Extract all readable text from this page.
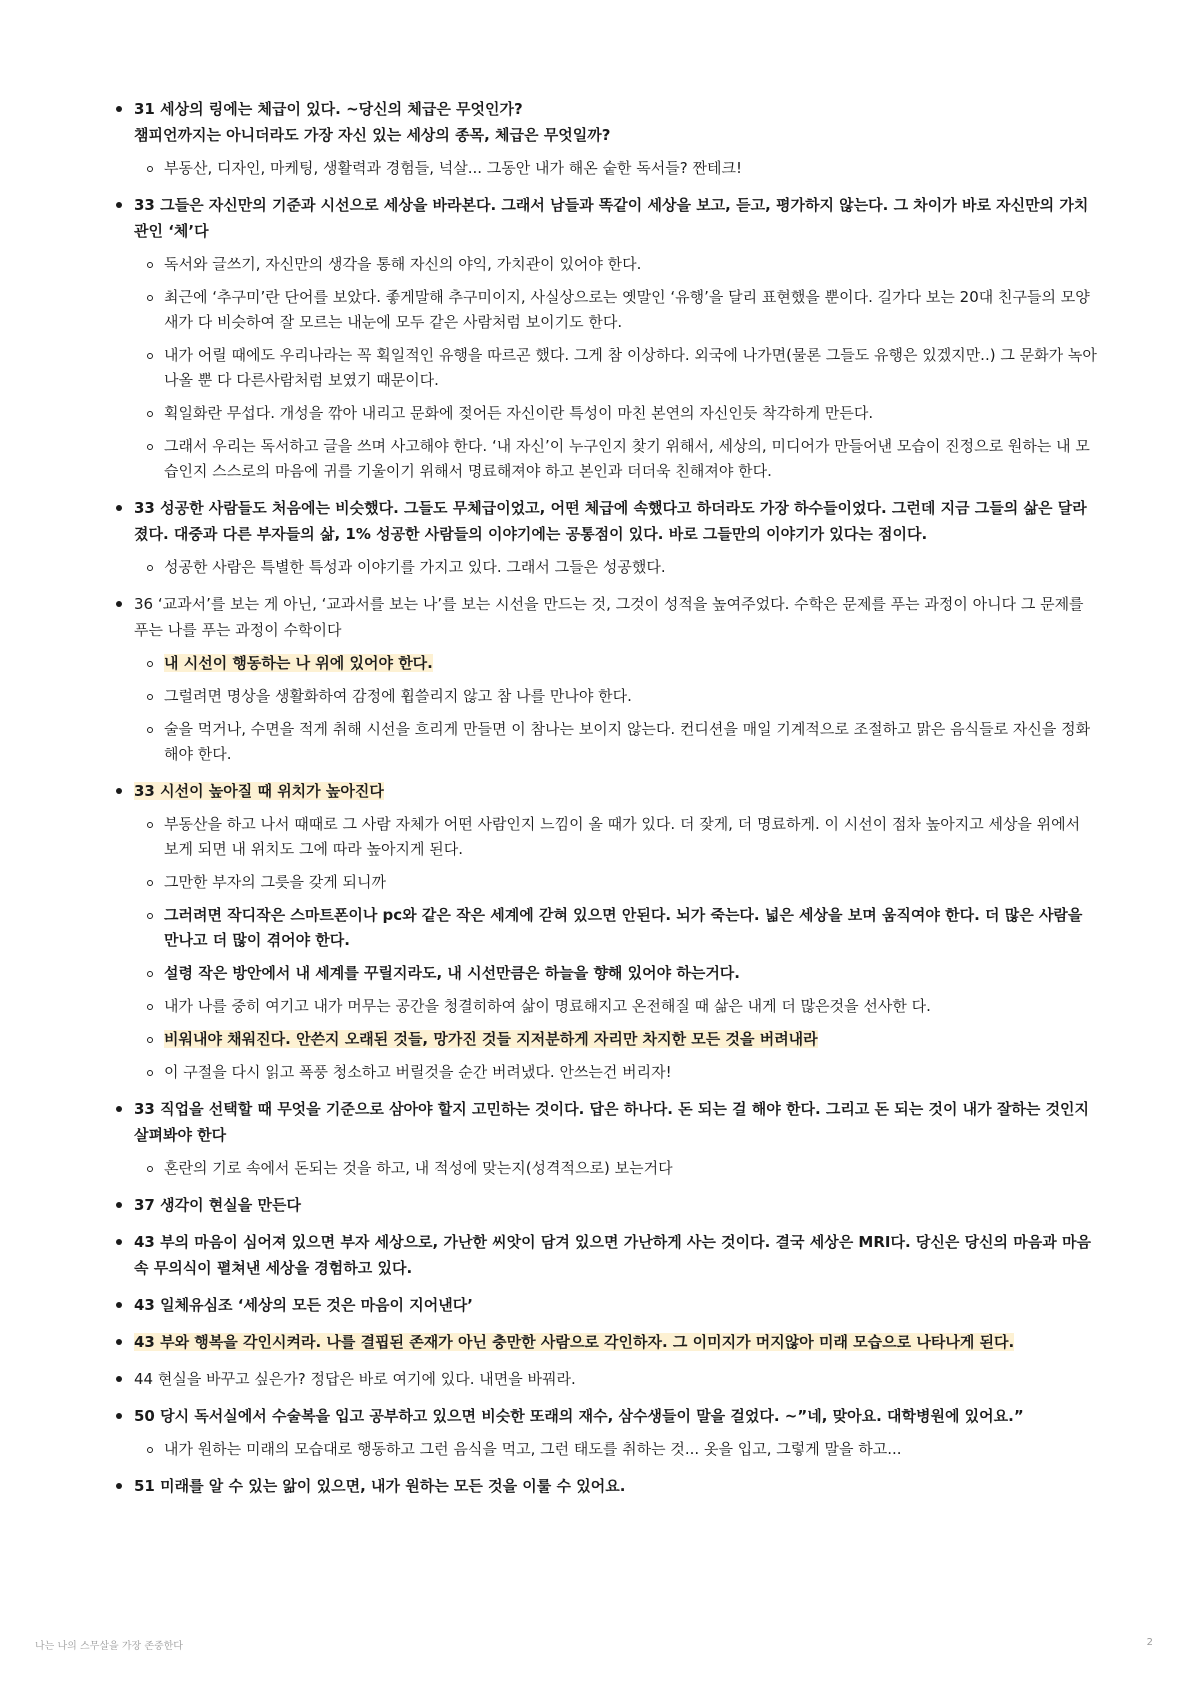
31 세상의 링에는 체급이 있다. ~당신의 체급은 무엇인가?
챔피언까지는 아니더라도 가장 자신 있는 세상의 종목, 체급은 무엇일까?
부동산, 디자인, 마케팅, 생활력과 경험들, 넉살... 그동안 내가 해온 숱한 독서들? 짠테크!
33 그들은 자신만의 기준과 시선으로 세상을 바라본다. 그래서 남들과 똑같이 세상을 보고, 듣고, 평가하지 않는다. 그 차이가 바로 자신만의 가치관인 ‘체’다
독서와 글쓰기, 자신만의 생각을 통해 자신의 야익, 가치관이 있어야 한다.
최근에 ‘추구미’란 단어를 보았다. 좋게말해 추구미이지, 사실상으로는 옛말인 ‘유행’을 달리 표현했을 뿐이다. 길가다 보는 20대 친구들의 모양새가 다 비슷하여 잘 모르는 내눈에 모두 같은 사람처럼 보이기도 한다.
내가 어릴 때에도 우리나라는 꼭 획일적인 유행을 따르곤 했다. 그게 참 이상하다. 외국에 나가면(물론 그들도 유행은 있겠지만..) 그 문화가 녹아나올 뿐 다 다른사람처럼 보였기 때문이다.
획일화란 무섭다. 개성을 깎아 내리고 문화에 젖어든 자신이란 특성이 마친 본연의 자신인듯 착각하게 만든다.
그래서 우리는 독서하고 글을 쓰며 사고해야 한다. ‘내 자신’이 누구인지 찾기 위해서, 세상의, 미디어가 만들어낸 모습이 진정으로 원하는 내 모습인지 스스로의 마음에 귀를 기울이기 위해서 명료해져야 하고 본인과 더더욱 친해져야 한다.
33 성공한 사람들도 처음에는 비슷했다. 그들도 무체급이었고, 어떤 체급에 속했다고 하더라도 가장 하수들이었다. 그런데 지금 그들의 삶은 달라졌다. 대중과 다른 부자들의 삶, 1% 성공한 사람들의 이야기에는 공통점이 있다. 바로 그들만의 이야기가 있다는 점이다.
성공한 사람은 특별한 특성과 이야기를 가지고 있다. 그래서 그들은 성공했다.
36 ‘교과서’를 보는 게 아닌, ‘교과서를 보는 나’를 보는 시선을 만드는 것, 그것이 성적을 높여주었다. 수학은 문제를 푸는 과정이 아니다 그 문제를 푸는 나를 푸는 과정이 수학이다
내 시선이 행동하는 나 위에 있어야 한다.
그럴려면 명상을 생활화하여 감정에 휩쓸리지 않고 참 나를 만나야 한다.
술을 먹거나, 수면을 적게 취해 시선을 흐리게 만들면 이 참나는 보이지 않는다. 컨디션을 매일 기계적으로 조절하고 맑은 음식들로 자신을 정화해야 한다.
33 시선이 높아질 때 위치가 높아진다
부동산을 하고 나서 때때로 그 사람 자체가 어떤 사람인지 느낌이 올 때가 있다. 더 잦게, 더 명료하게. 이 시선이 점차 높아지고 세상을 위에서 보게 되면 내 위치도 그에 따라 높아지게 된다.
그만한 부자의 그릇을 갖게 되니까
그러려면 작디작은 스마트폰이나 pc와 같은 작은 세계에 갇혀 있으면 안된다. 뇌가 죽는다. 넓은 세상을 보며 움직여야 한다. 더 많은 사람을 만나고 더 많이 겪어야 한다.
설령 작은 방안에서 내 세계를 꾸릴지라도, 내 시선만큼은 하늘을 향해 있어야 하는거다.
내가 나를 중히 여기고 내가 머무는 공간을 청결히하여 삶이 명료해지고 온전해질 때 삶은 내게 더 많은것을 선사한 다.
비워내야 채워진다. 안쓴지 오래된 것들, 망가진 것들 지저분하게 자리만 차지한 모든 것을 버려내라
이 구절을 다시 읽고 폭풍 청소하고 버릴것을 순간 버려냈다. 안쓰는건 버리자!
33 직업을 선택할 때 무엇을 기준으로 삼아야 할지 고민하는 것이다. 답은 하나다. 돈 되는 걸 해야 한다. 그리고 돈 되는 것이 내가 잘하는 것인지 살펴봐야 한다
혼란의 기로 속에서 돈되는 것을 하고, 내 적성에 맞는지(성격적으로) 보는거다
37 생각이 현실을 만든다
43 부의 마음이 심어져 있으면 부자 세상으로, 가난한 씨앗이 담겨 있으면 가난하게 사는 것이다. 결국 세상은 MRI다. 당신은 당신의 마음과 마음속 무의식이 펼쳐낸 세상을 경험하고 있다.
43 일체유심조 ‘세상의 모든 것은 마음이 지어낸다’
43 부와 행복을 각인시켜라. 나를 결핍된 존재가 아닌 충만한 사람으로 각인하자. 그 이미지가 머지않아 미래 모습으로 나타나게 된다.
44 현실을 바꾸고 싶은가? 정답은 바로 여기에 있다. 내면을 바꿔라.
50 당시 독서실에서 수술복을 입고 공부하고 있으면 비슷한 또래의 재수, 삼수생들이 말을 걸었다. ~”네, 맞아요. 대학병원에 있어요.”
내가 원하는 미래의 모습대로 행동하고 그런 음식을 먹고, 그런 태도를 취하는 것... 옷을 입고, 그렇게 말을 하고...
51 미래를 알 수 있는 앎이 있으면, 내가 원하는 모든 것을 이룰 수 있어요.
나는 나의 스무살을 가장 존중한다	2
